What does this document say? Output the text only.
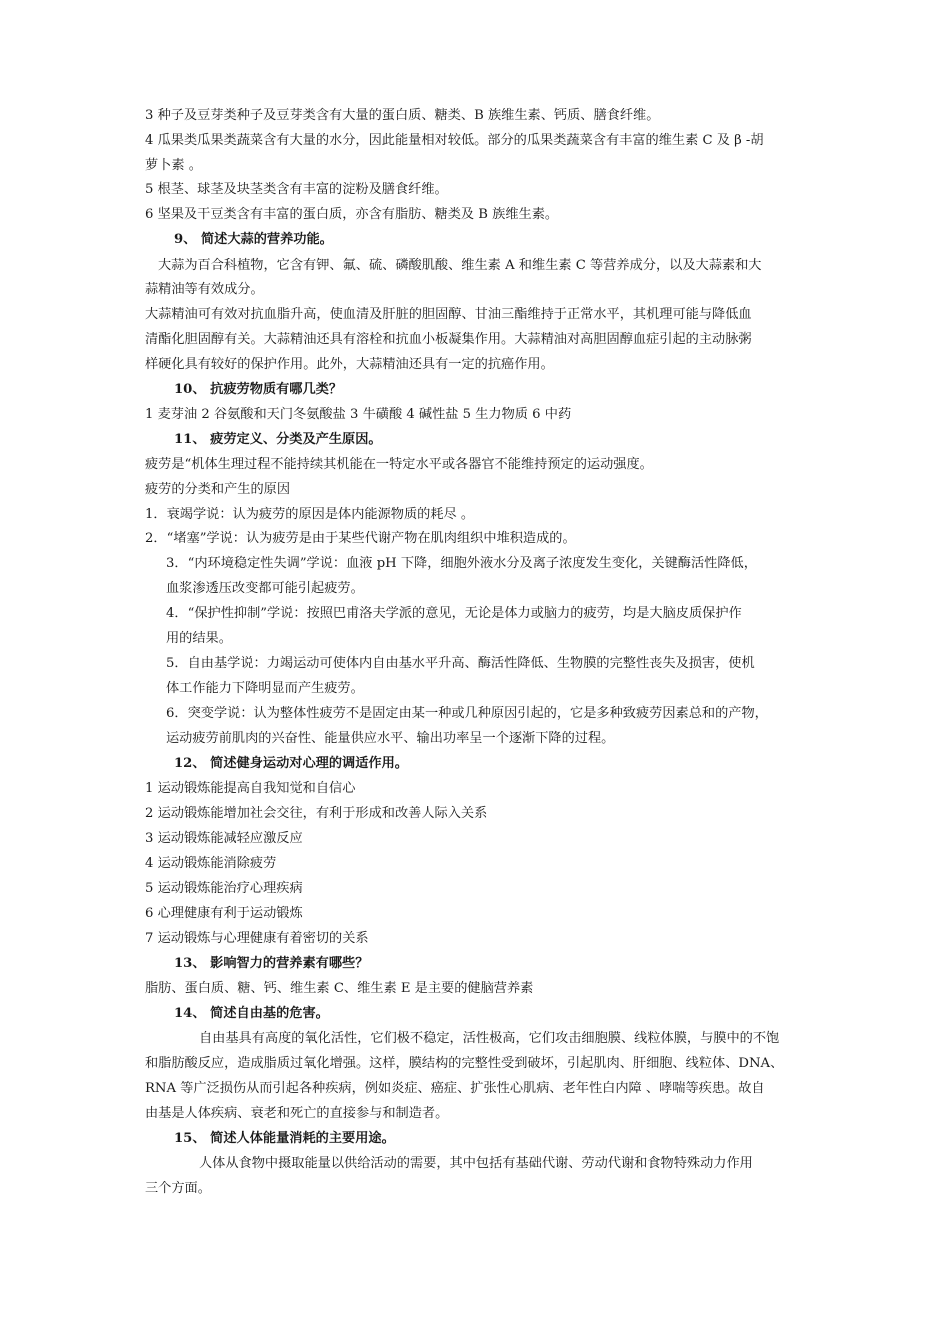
3 种子及豆芽类种子及豆芽类含有大量的蛋白质、糖类、B 族维生素、钙质、膳食纤维。
4 瓜果类瓜果类蔬菜含有大量的水分，因此能量相对较低。部分的瓜果类蔬菜含有丰富的维生素 C 及 β -胡
萝卜素 。
5 根茎、球茎及块茎类含有丰富的淀粉及膳食纤维。
6 坚果及干豆类含有丰富的蛋白质，亦含有脂肪、糖类及 B 族维生素。
9、 简述大蒜的营养功能。
大蒜为百合科植物，它含有钾、氟、硫、磷酸肌酸、维生素 A 和维生素 C 等营养成分，以及大蒜素和大
蒜精油等有效成分。
大蒜精油可有效对抗血脂升高，使血清及肝脏的胆固醇、甘油三酯维持于正常水平，其机理可能与降低血
清酯化胆固醇有关。大蒜精油还具有溶栓和抗血小板凝集作用。大蒜精油对高胆固醇血症引起的主动脉粥
样硬化具有较好的保护作用。此外，大蒜精油还具有一定的抗癌作用。
10、 抗疲劳物质有哪几类？
1 麦芽油 2 谷氨酸和天门冬氨酸盐 3 牛磺酸 4 碱性盐 5 生力物质 6 中药
11、 疲劳定义、分类及产生原因。
疲劳是“机体生理过程不能持续其机能在一特定水平或各器官不能维持预定的运动强度。
疲劳的分类和产生的原因
1．衰竭学说：认为疲劳的原因是体内能源物质的耗尽 。
2．“堵塞”学说：认为疲劳是由于某些代谢产物在肌肉组织中堆积造成的。
3．“内环境稳定性失调”学说：血液 pH 下降，细胞外液水分及离子浓度发生变化，关键酶活性降低，
血浆渗透压改变都可能引起疲劳。
4．“保护性抑制”学说：按照巴甫洛夫学派的意见，无论是体力或脑力的疲劳，均是大脑皮质保护作
用的结果。
5．自由基学说：力竭运动可使体内自由基水平升高、酶活性降低、生物膜的完整性丧失及损害，使机
体工作能力下降明显而产生疲劳。
6．突变学说：认为整体性疲劳不是固定由某一种或几种原因引起的，它是多种致疲劳因素总和的产物，
运动疲劳前肌肉的兴奋性、能量供应水平、输出功率呈一个逐渐下降的过程。
12、 简述健身运动对心理的调适作用。
1 运动锻炼能提高自我知觉和自信心
2 运动锻炼能增加社会交往，有利于形成和改善人际入关系
3 运动锻炼能减轻应激反应
4 运动锻炼能消除疲劳
5 运动锻炼能治疗心理疾病
6 心理健康有利于运动锻炼
7 运动锻炼与心理健康有着密切的关系
13、 影响智力的营养素有哪些？
脂肪、蛋白质、糖、钙、维生素 C、维生素 E 是主要的健脑营养素
14、 简述自由基的危害。
自由基具有高度的氧化活性，它们极不稳定，活性极高，它们攻击细胞膜、线粒体膜，与膜中的不饱
和脂肪酸反应，造成脂质过氧化增强。这样，膜结构的完整性受到破坏，引起肌肉、肝细胞、线粒体、DNA、
RNA 等广泛损伤从而引起各种疾病，例如炎症、癌症、扩张性心肌病、老年性白内障 、哮喘等疾患。故自
由基是人体疾病、衰老和死亡的直接参与和制造者。
15、 简述人体能量消耗的主要用途。
人体从食物中摄取能量以供给活动的需要，其中包括有基础代谢、劳动代谢和食物特殊动力作用
三个方面。
